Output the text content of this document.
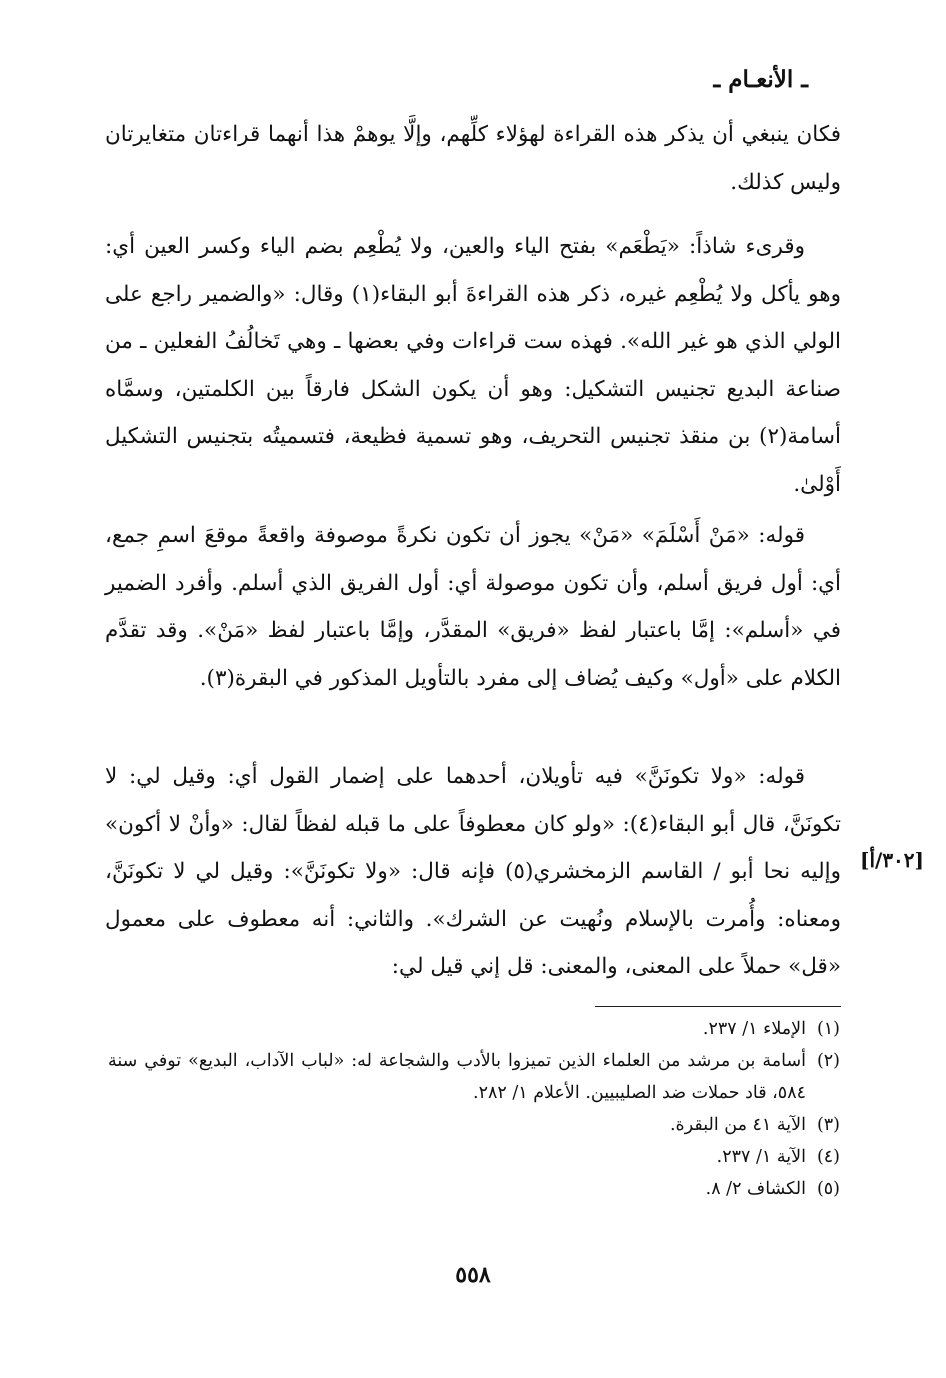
ـ الأنعـام ـ

فكان ينبغي أن يذكر هذه القراءة لهؤلاء كلِّهم، وإلَّا يوهمْ هذا أنهما قراءتان متغايرتان وليس كذلك.

وقرىء شاذاً: «يَطْعَم» بفتح الياء والعين، ولا يُطْعِم بضم الياء وكسر العين أي: وهو يأكل ولا يُطْعِم غيره، ذكر هذه القراءةَ أبو البقاء(١) وقال: «والضمير راجع على الولي الذي هو غير الله». فهذه ست قراءات وفي بعضها ـ وهي تَخالُفُ الفعلين ـ من صناعة البديع تجنيس التشكيل: وهو أن يكون الشكل فارقاً بين الكلمتين، وسمَّاه أسامة(٢) بن منقذ تجنيس التحريف، وهو تسمية فظيعة، فتسميتُه بتجنيس التشكيل أَوْلىٰ.

قوله: «مَنْ أَسْلَمَ» «مَنْ» يجوز أن تكون نكرةً موصوفة واقعةً موقعَ اسمِ جمع، أي: أول فريق أسلم، وأن تكون موصولة أي: أول الفريق الذي أسلم. وأفرد الضمير في «أسلم»: إمَّا باعتبار لفظ «فريق» المقدَّر، وإمَّا باعتبار لفظ «مَنْ». وقد تقدَّم الكلام على «أول» وكيف يُضاف إلى مفرد بالتأويل المذكور في البقرة(٣).

قوله: «ولا تكونَنَّ» فيه تأويلان، أحدهما على إضمار القول أي: وقيل لي: لا تكونَنَّ، قال أبو البقاء(٤): «ولو كان معطوفاً على ما قبله لفظاً لقال: «وأنْ لا أكون» وإليه نحا أبو / القاسم الزمخشري(٥) فإنه قال: «ولا تكونَنَّ»: وقيل لي لا تكونَنَّ، ومعناه: وأُمرت بالإسلام ونُهيت عن الشرك». والثاني: أنه معطوف على معمول «قل» حملاً على المعنى، والمعنى: قل إني قيل لي:

[٣٠٢/أ]
(١)
الإملاء ١/ ٢٣٧.
(٢)
أسامة بن مرشد من العلماء الذين تميزوا بالأدب والشجاعة له: «لباب الآداب، البديع» توفي سنة ٥٨٤، قاد حملات ضد الصليبيين. الأعلام ١/ ٢٨٢.
(٣)
الآية ٤١ من البقرة.
(٤)
الآية ١/ ٢٣٧.
(٥)
الكشاف ٢/ ٨.
٥٥٨
